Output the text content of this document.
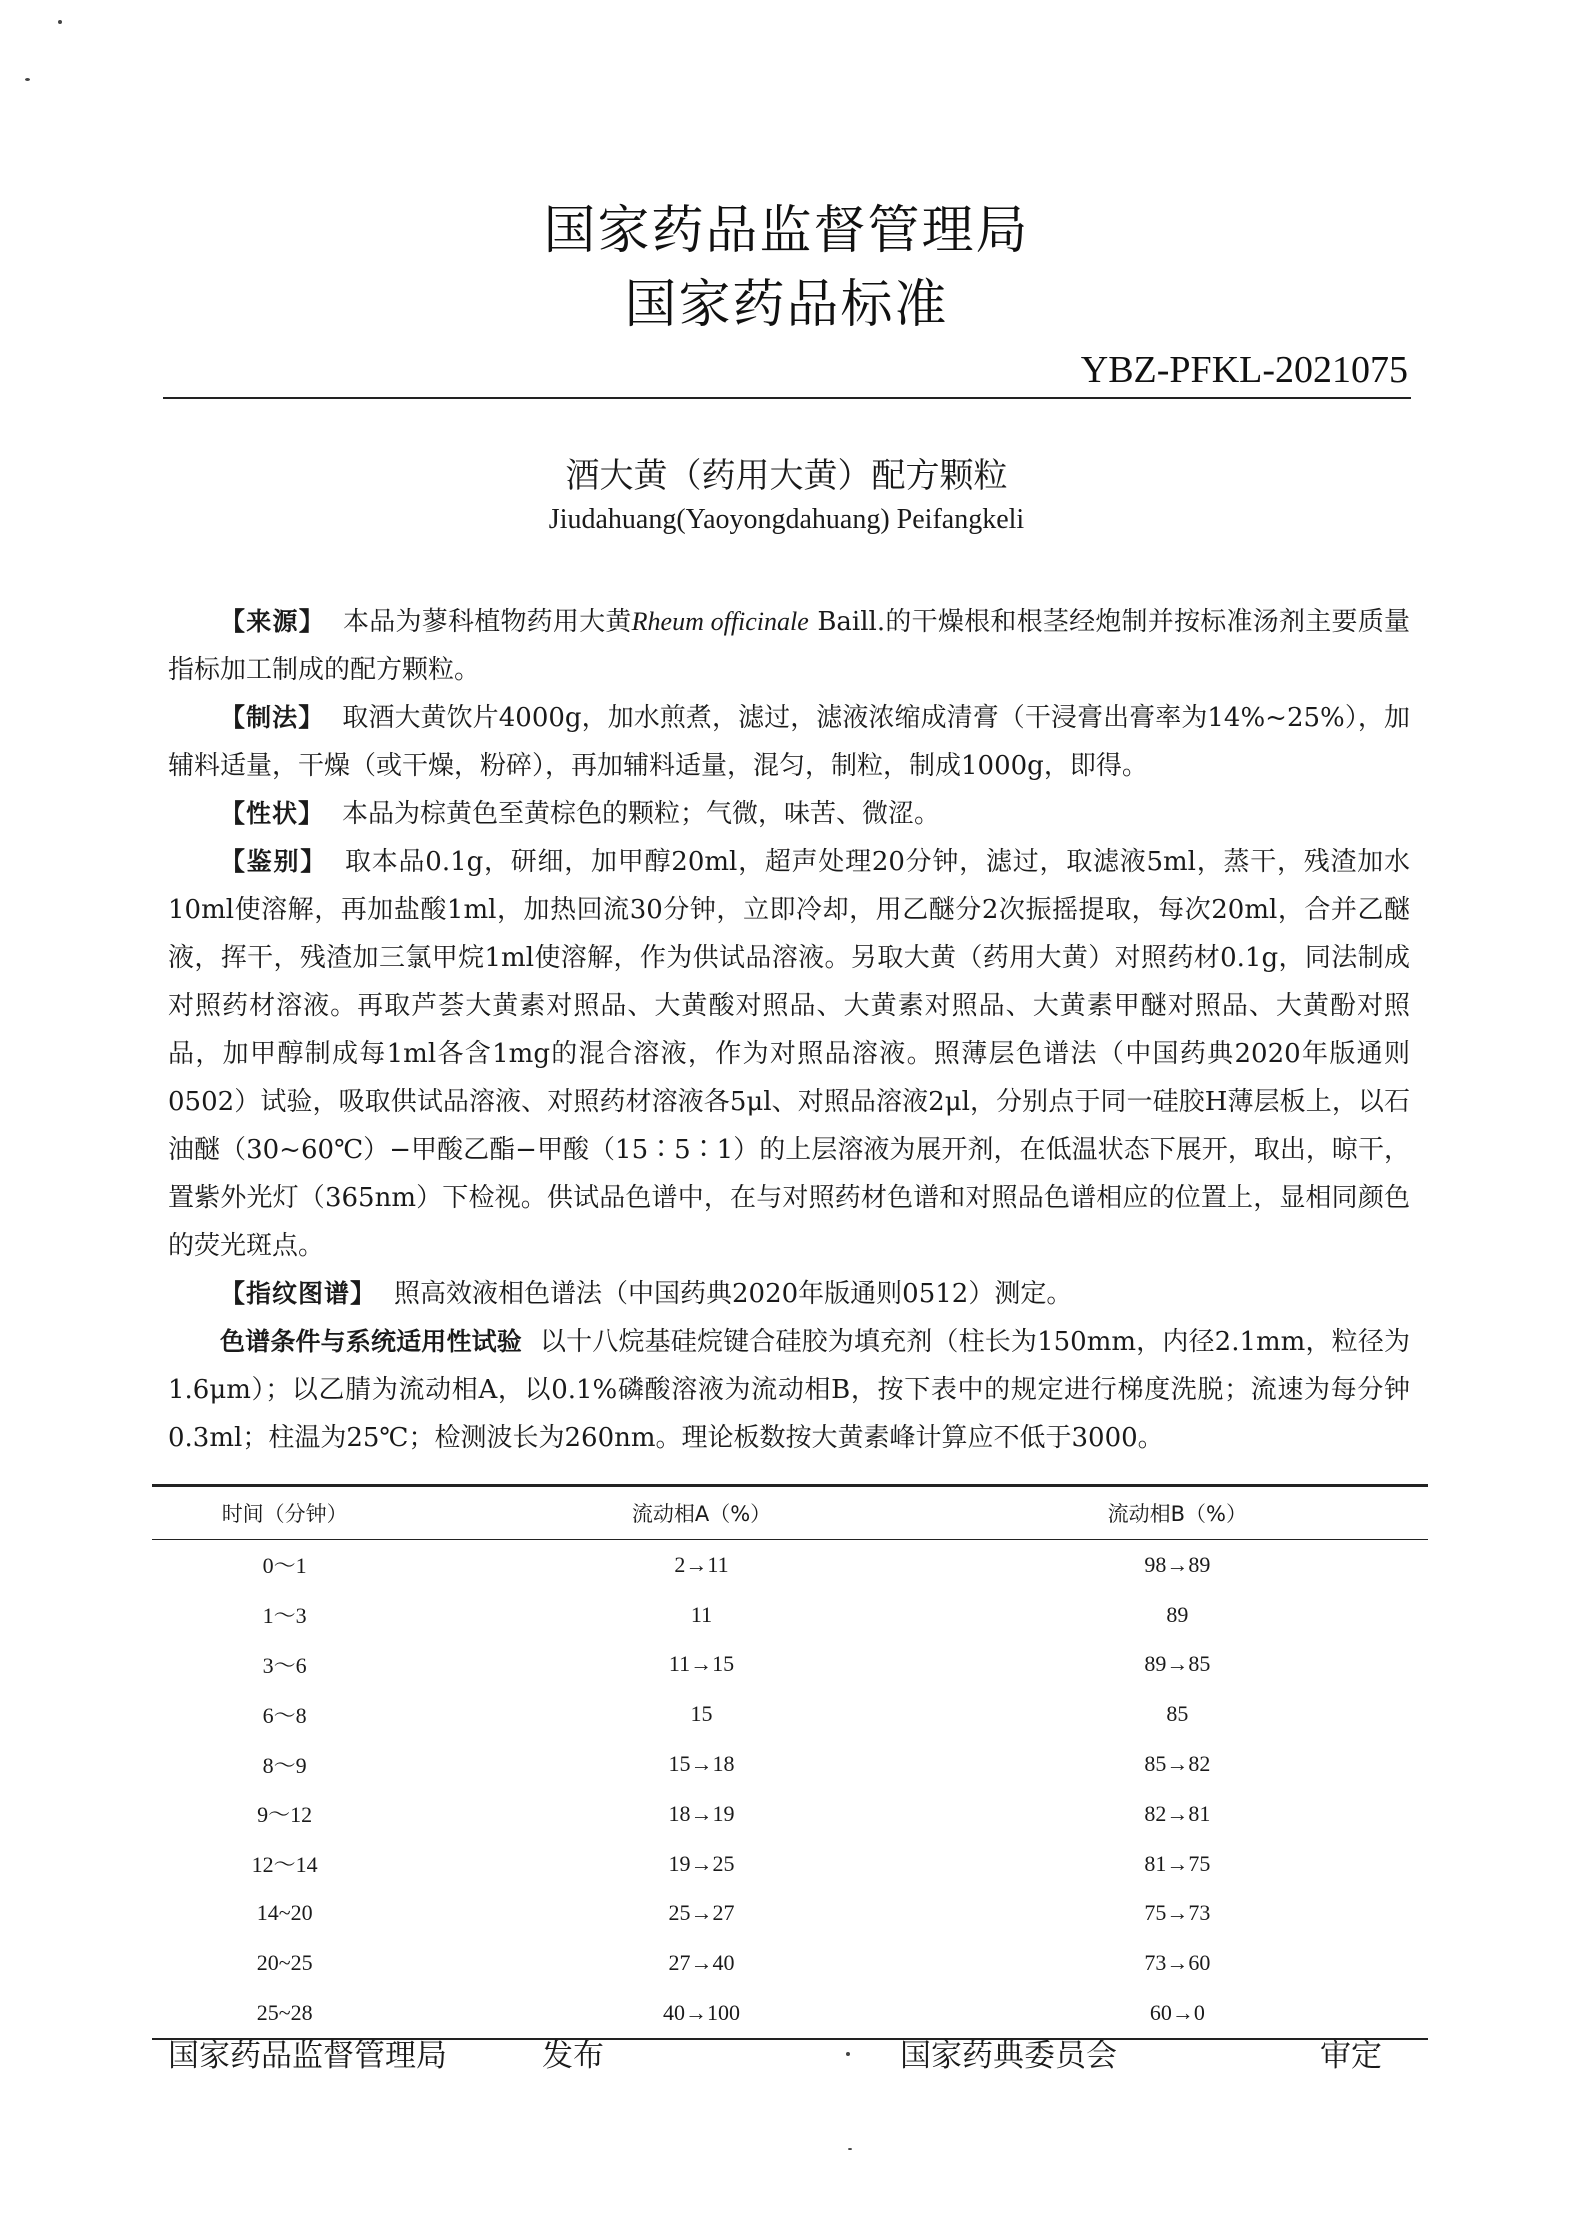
国家药品监督管理局
国家药品标准
YBZ-PFKL-2021075
酒大黄（药用大黄）配方颗粒
Jiudahuang(Yaoyongdahuang) Peifangkeli

【来源】 本品为蓼科植物药用大黄Rheum officinale Baill.的干燥根和根茎经炮制并按标准汤剂主要质量指标加工制成的配方颗粒。

【制法】 取酒大黄饮片4000g，加水煎煮，滤过，滤液浓缩成清膏（干浸膏出膏率为14%~25%），加辅料适量，干燥（或干燥，粉碎），再加辅料适量，混匀，制粒，制成1000g，即得。

【性状】 本品为棕黄色至黄棕色的颗粒；气微，味苦、微涩。

【鉴别】 取本品0.1g，研细，加甲醇20ml，超声处理20分钟，滤过，取滤液5ml，蒸干，残渣加水10ml使溶解，再加盐酸1ml，加热回流30分钟，立即冷却，用乙醚分2次振摇提取，每次20ml，合并乙醚液，挥干，残渣加三氯甲烷1ml使溶解，作为供试品溶液。另取大黄（药用大黄）对照药材0.1g，同法制成对照药材溶液。再取芦荟大黄素对照品、大黄酸对照品、大黄素对照品、大黄素甲醚对照品、大黄酚对照品，加甲醇制成每1ml各含1mg的混合溶液，作为对照品溶液。照薄层色谱法（中国药典2020年版通则0502）试验，吸取供试品溶液、对照药材溶液各5μl、对照品溶液2μl，分别点于同一硅胶H薄层板上，以石油醚（30~60℃）−甲酸乙酯−甲酸（15∶5∶1）的上层溶液为展开剂，在低温状态下展开，取出，晾干，置紫外光灯（365nm）下检视。供试品色谱中，在与对照药材色谱和对照品色谱相应的位置上，显相同颜色的荧光斑点。

【指纹图谱】 照高效液相色谱法（中国药典2020年版通则0512）测定。

色谱条件与系统适用性试验 以十八烷基硅烷键合硅胶为填充剂（柱长为150mm，内径2.1mm，粒径为1.6μm）；以乙腈为流动相A，以0.1%磷酸溶液为流动相B，按下表中的规定进行梯度洗脱；流速为每分钟0.3ml；柱温为25℃；检测波长为260nm。理论板数按大黄素峰计算应不低于3000。

时间（分钟）	流动相A（%）	流动相B（%）
0～1	2→11	98→89
1～3	11	89
3～6	11→15	89→85
6～8	15	85
8～9	15→18	85→82
9～12	18→19	82→81
12～14	19→25	81→75
14~20	25→27	75→73
20~25	27→40	73→60
25~28	40→100	60→0
国家药品监督管理局	发布	国家药典委员会	审定
